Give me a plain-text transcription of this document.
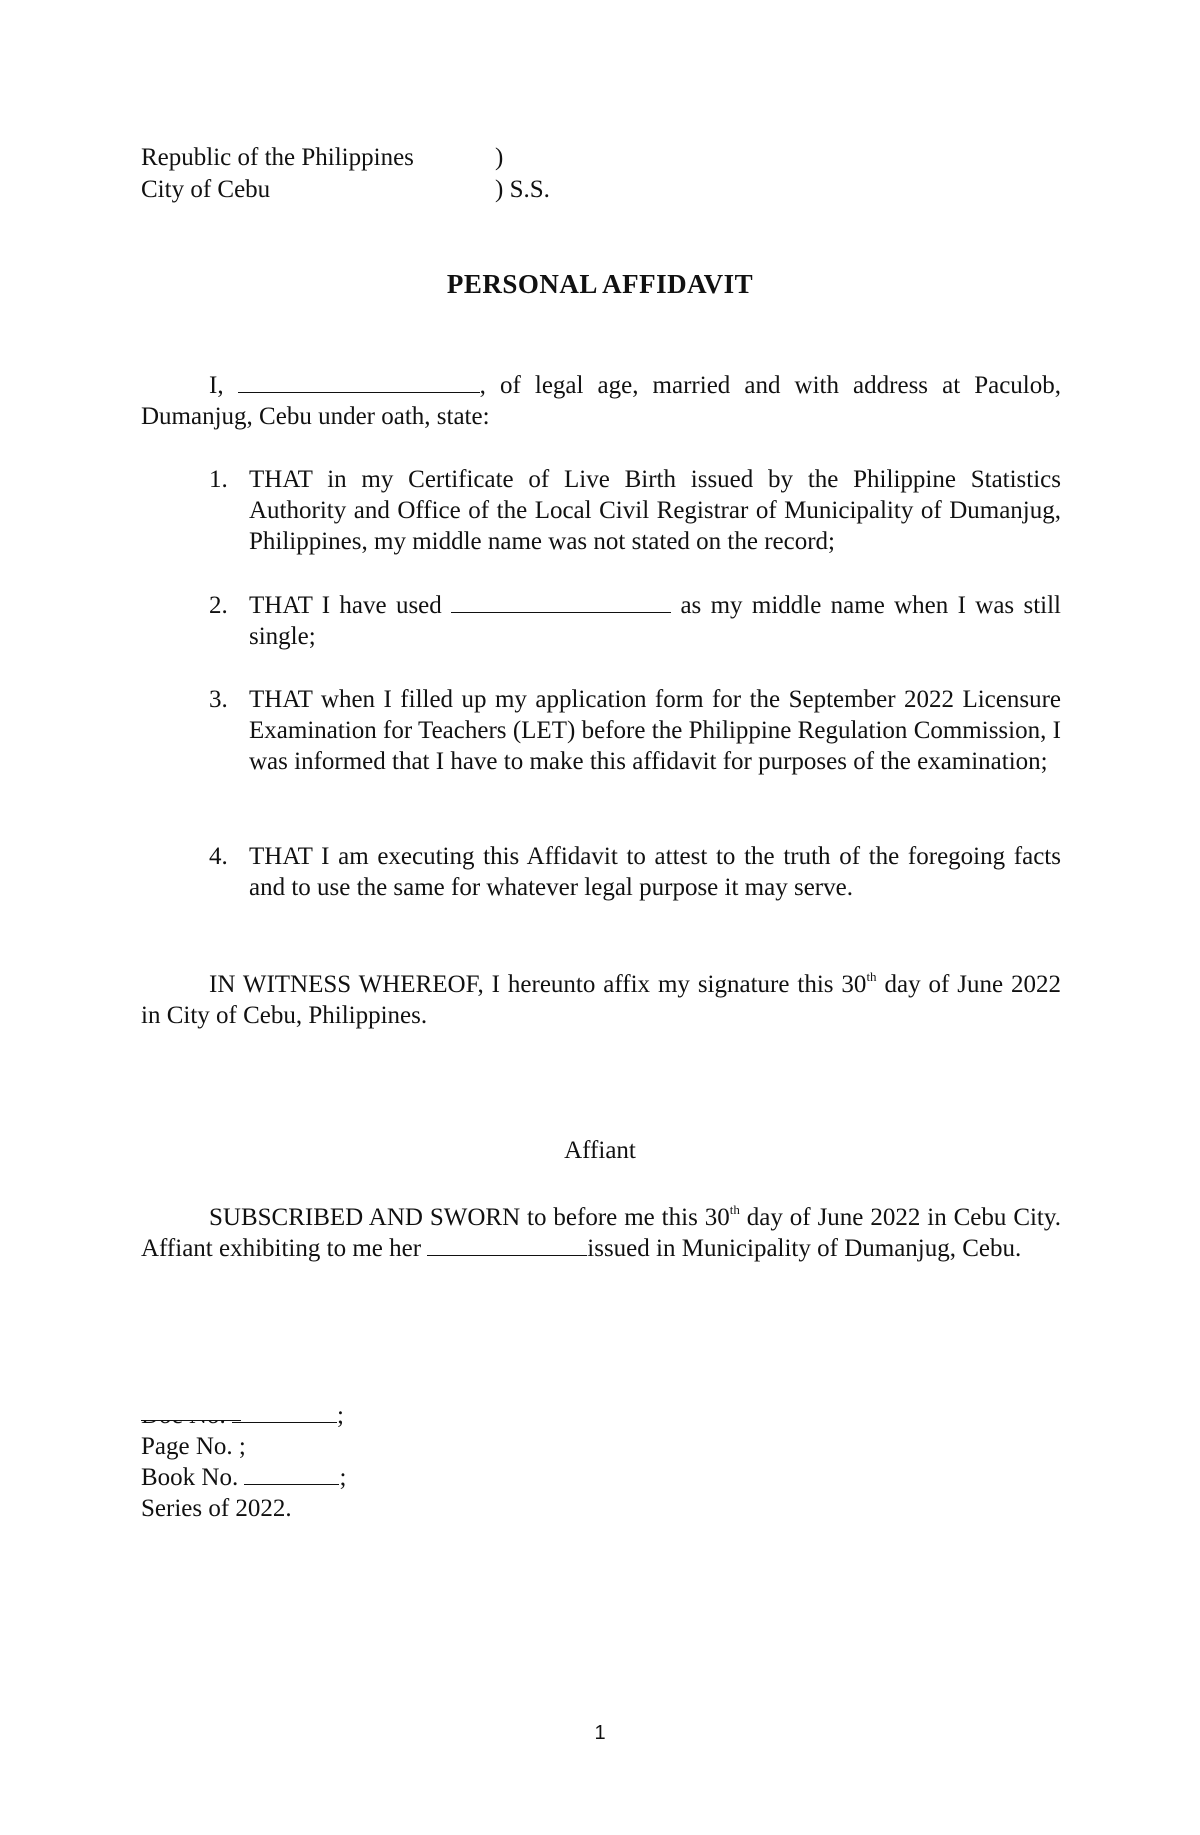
Republic of the Philippines

	)

City of Cebu

	) S.S.

PERSONAL AFFIDAVIT

I,	, of legal age, married and with address at Paculob, Dumanjug, Cebu under oath, state:

1. THAT in my Certificate of Live Birth issued by the Philippine Statistics Authority and Office of the Local Civil Registrar of Municipality of Dumanjug, Philippines, my middle name was not stated on the record;
2. THAT I have used	as my middle name when I was still single;
3. THAT when I filled up my application form for the September 2022 Licensure Examination for Teachers (LET) before the Philippine Regulation Commission, I was informed that I have to make this affidavit for purposes of the examination;
4. THAT I am executing this Affidavit to attest to the truth of the foregoing facts and to use the same for whatever legal purpose it may serve.

IN WITNESS WHEREOF, I hereunto affix my signature this 30th day of June 2022 in City of Cebu, Philippines.

Affiant

SUBSCRIBED AND SWORN to before me this 30th day of June 2022 in Cebu City. Affiant exhibiting to me her	issued in Municipality of Dumanjug, Cebu.

;
Page No.
;
Book No.	;
Series of 2022.
1
